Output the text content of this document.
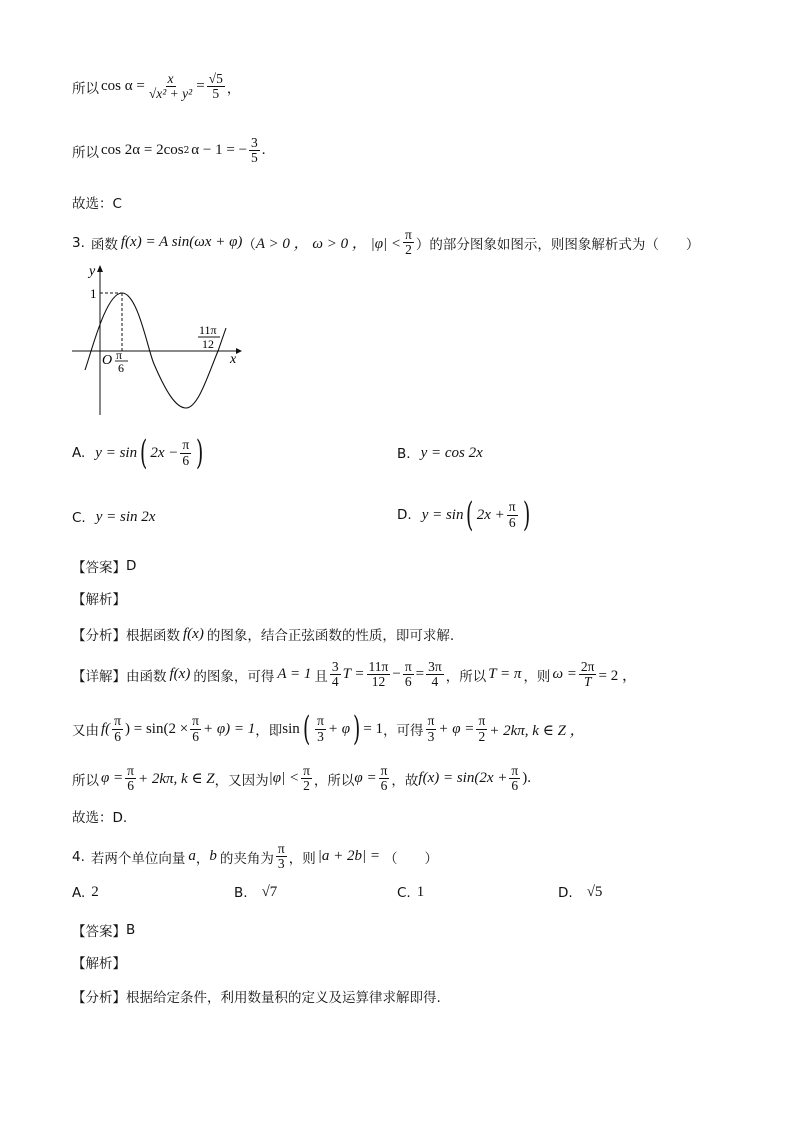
所以 $\cos \alpha = \frac{x}{\text{√x² + y²}} = \frac{√5}{5}$ ，
所以 cos 2α = 2cos 2 α − 1 = − $\frac{3}{5}$ .
故选：C
3. 函数 f(x) = A sin(ωx + φ) （ A > 0 ， ω > 0 ， $|\varphi| < \frac{\pi}{2}$ ） 的部分图象如图示，则图象解析式为（　　）
y
x
O
1
π
6
11π
12
A. y = sin ( $2x - \frac{\pi}{6}$ )	B. y = cos 2x
C. y = sin 2x	D. y = sin ( $2x + \frac{\pi}{6}$ )
【答案】 D
【解析】
【分析】 根据函数 f(x) 的图象，结合正弦函数的性质，即可求解.
【详解】 由函数 f(x) 的图象，可得 A = 1 且 $\frac{3}{4}$ $T = \frac{11\pi}{12} - \frac{\pi}{6} = \frac{3\pi}{4}$ ，所以 T = π ，则 $\omega = \frac{2\pi}{T} = 2$ ，
又由 $f( \frac{\pi}{6}$ ) = $\sin(2 \times \frac{\pi}{6} + \varphi) = 1$ ，即 sin ( $\frac{\pi}{3} + \varphi$ ) = 1 ，可得 $\frac{\pi}{3} + \varphi = \frac{\pi}{2} + 2k\pi$, k ∈ Z ，
所以 $\varphi = \frac{\pi}{6} + 2k\pi$, k ∈ Z ，又因为 $|\varphi| < \frac{\pi}{2}$ ，所以 $\varphi = \frac{\pi}{6}$ ，故 $f(x) = \sin(2x + \frac{\pi}{6}$ ).
故选：D.
4. 若两个单位向量 a ， b 的夹角为 $\frac{\pi}{3}$ ，则 |a + 2b| = （　　）
A. 2	B. √7	C. 1	D. √5
【答案】 B
【解析】
【分析】 根据给定条件，利用数量积的定义及运算律求解即得.
